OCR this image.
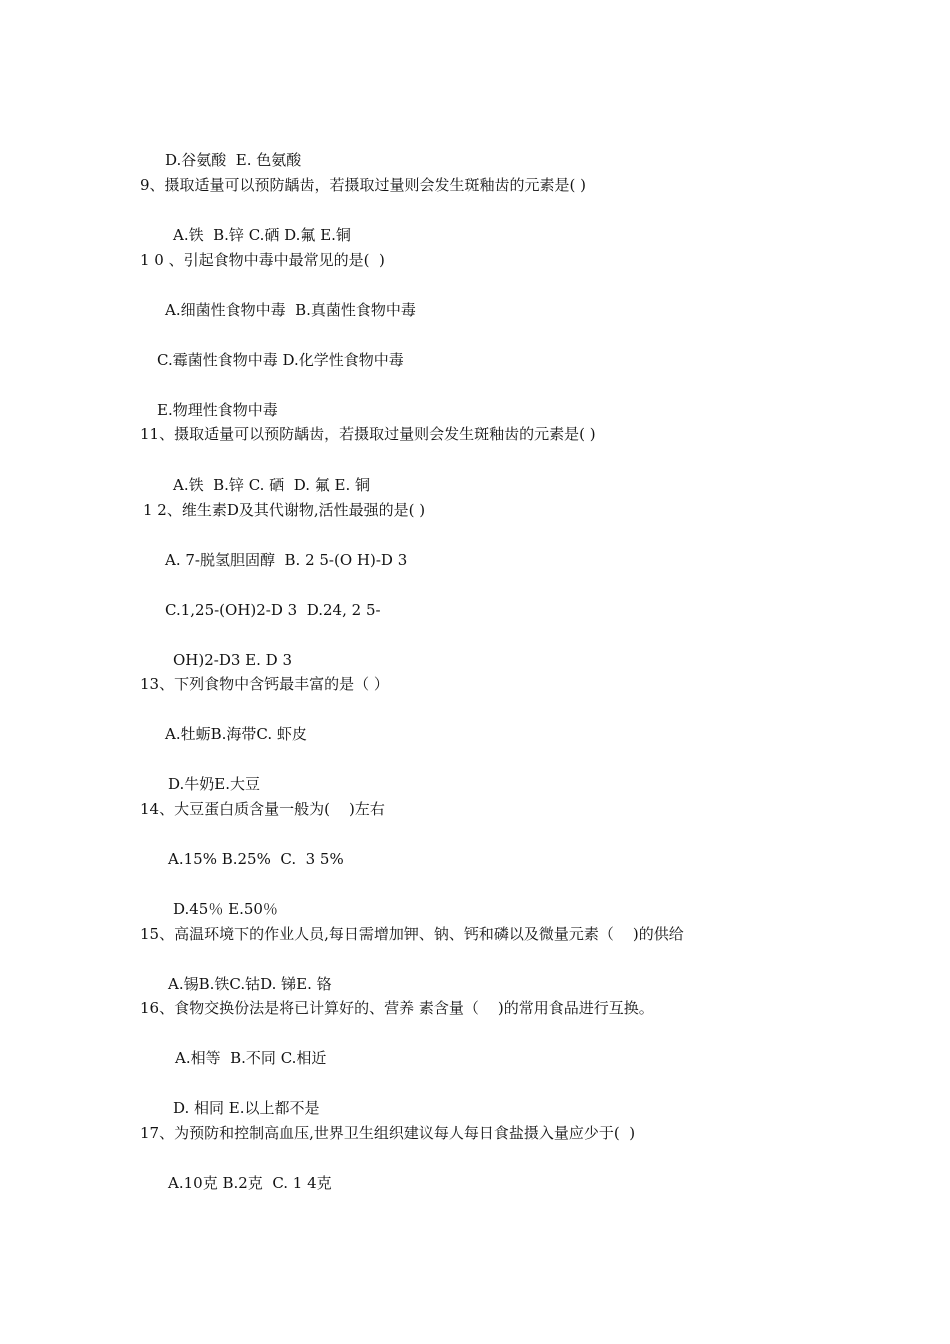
D.谷氨酸  E. 色氨酸
9、摄取适量可以预防龋齿，若摄取过量则会发生斑釉齿的元素是( )
A.铁  B.锌 C.硒 D.氟 E.铜
1 0 、引起食物中毒中最常见的是(  )
A.细菌性食物中毒  B.真菌性食物中毒
C.霉菌性食物中毒 D.化学性食物中毒
E.物理性食物中毒
11、摄取适量可以预防龋齿，若摄取过量则会发生斑釉齿的元素是( )
A.铁  B.锌 C. 硒  D. 氟 E. 铜
1 2、维生素D及其代谢物,活性最强的是( )
A. 7-脱氢胆固醇  B. 2 5-(O H)-D 3
C.1,25-(OH)2-D 3  D.24, 2 5-
OH)2-D3 E. D 3
13、下列食物中含钙最丰富的是（ ）
A.牡蛎B.海带C. 虾皮
D.牛奶E.大豆
14、大豆蛋白质含量一般为(    )左右
A.15% B.25%  C.  3 5%
D.45％ E.50％
15、高温环境下的作业人员,每日需增加钾、钠、钙和磷以及微量元素（    )的供给
A.锡B.铁C.钴D. 锑E. 铬
16、食物交换份法是将已计算好的、营养 素含量（    )的常用食品进行互换。
A.相等  B.不同 C.相近
D. 相同 E.以上都不是
17、为预防和控制高血压,世界卫生组织建议每人每日食盐摄入量应少于(  )
A.10克 B.2克  C. 1 4克
